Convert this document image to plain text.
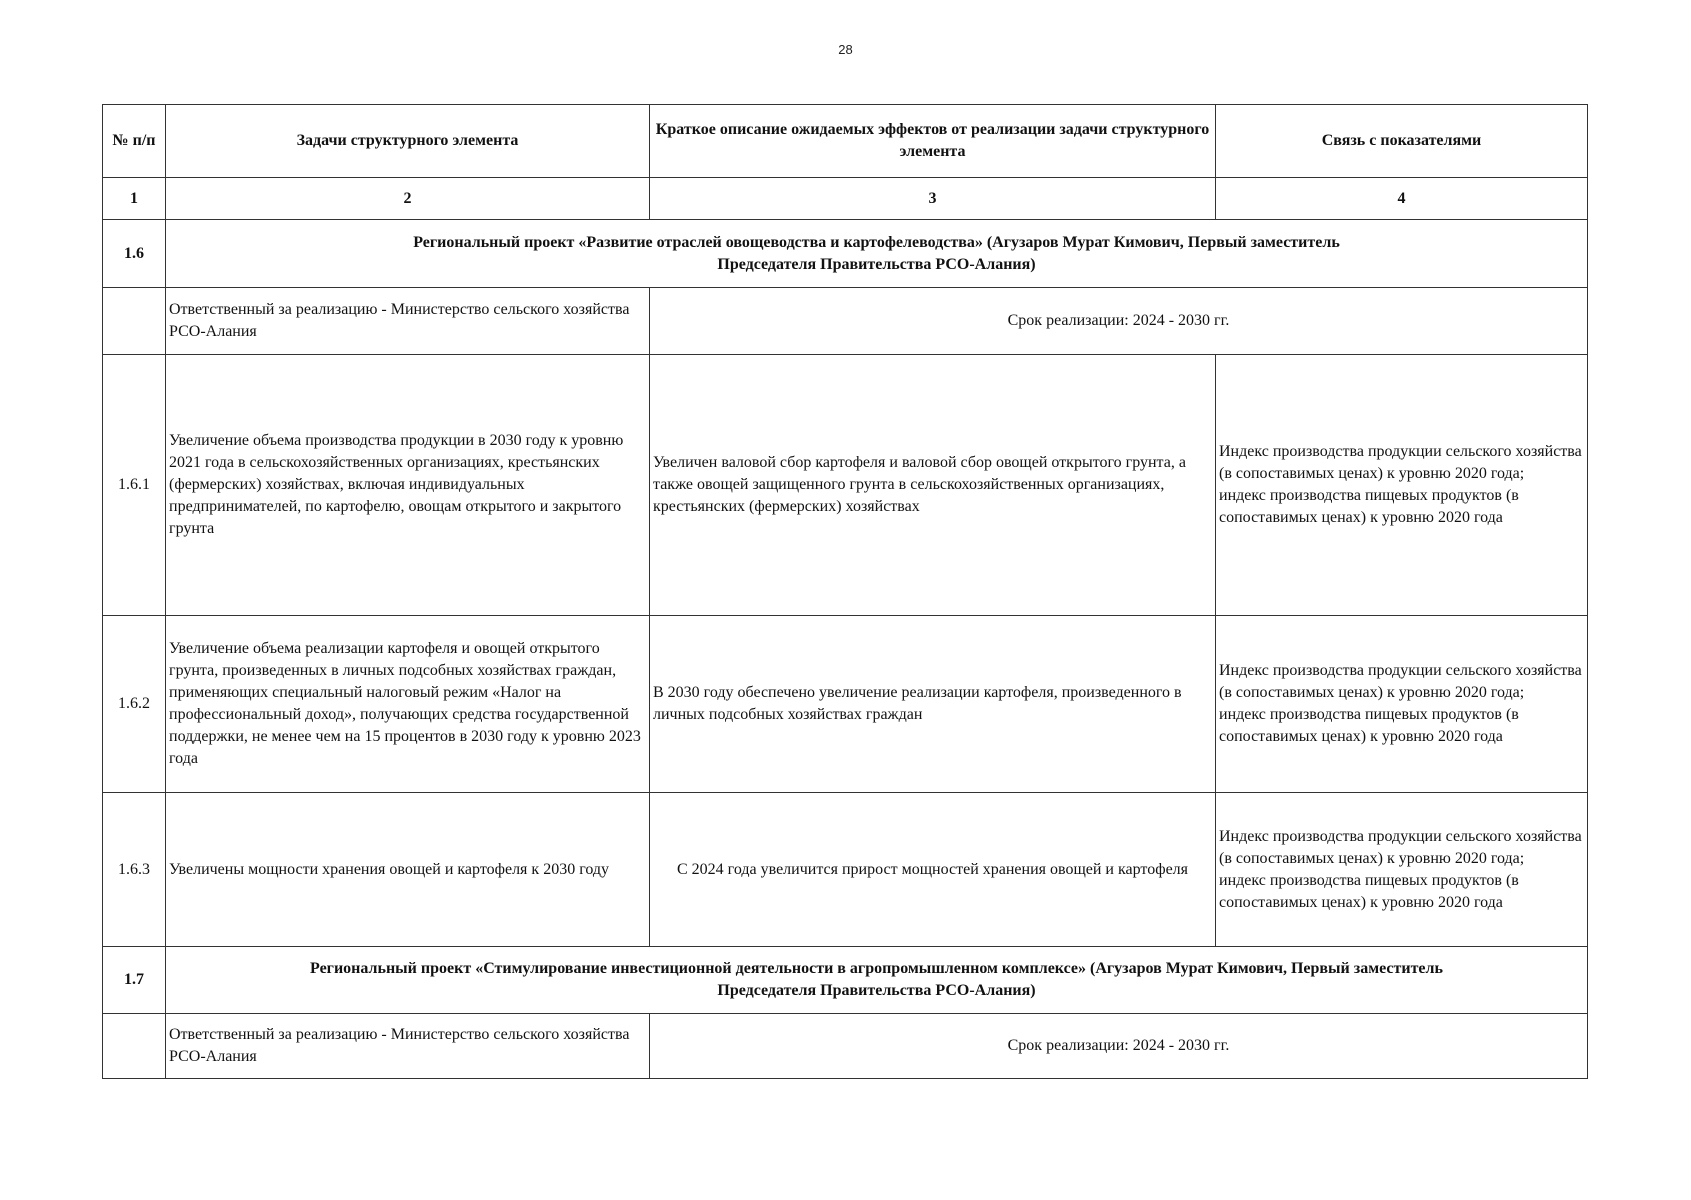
28
№ п/п	Задачи структурного элемента	Краткое описание ожидаемых эффектов от реализации задачи структурного элемента	Связь с показателями
1	2	3	4
1.6	Региональный проект «Развитие отраслей овощеводства и картофелеводства» (Агузаров Мурат Кимович, Первый заместитель
Председателя Правительства РСО-Алания)		

	Ответственный за реализацию - Министерство сельского хозяйства РСО-Алания	Срок реализации: 2024 - 2030 гг.	
1.6.1	Увеличение объема производства продукции в 2030 году к уровню 2021 года в сельскохозяйственных организациях, крестьянских (фермерских) хозяйствах, включая индивидуальных предпринимателей, по картофелю, овощам открытого и закрытого грунта	Увеличен валовой сбор картофеля и валовой сбор овощей открытого грунта, а также овощей защищенного грунта в сельскохозяйственных организациях, крестьянских (фермерских) хозяйствах	Индекс производства продукции сельского хозяйства (в сопоставимых ценах) к уровню 2020 года;
индекс производства пищевых продуктов (в сопоставимых ценах) к уровню 2020 года

1.6.2	Увеличение объема реализации картофеля и овощей открытого грунта, произведенных в личных подсобных хозяйствах граждан, применяющих специальный налоговый режим «Налог на профессиональный доход», получающих средства государственной поддержки, не менее чем на 15 процентов в 2030 году к уровню 2023 года	В 2030 году обеспечено увеличение реализации картофеля, произведенного в личных подсобных хозяйствах граждан	Индекс производства продукции сельского хозяйства (в сопоставимых ценах) к уровню 2020 года;
индекс производства пищевых продуктов (в сопоставимых ценах) к уровню 2020 года

1.6.3	Увеличены мощности хранения овощей и картофеля к 2030 году	С 2024 года увеличится прирост мощностей хранения овощей и картофеля	Индекс производства продукции сельского хозяйства (в сопоставимых ценах) к уровню 2020 года;
индекс производства пищевых продуктов (в сопоставимых ценах) к уровню 2020 года

1.7	Региональный проект «Стимулирование инвестиционной деятельности в агропромышленном комплексе» (Агузаров Мурат Кимович, Первый заместитель
Председателя Правительства РСО-Алания)		

	Ответственный за реализацию - Министерство сельского хозяйства РСО-Алания	Срок реализации: 2024 - 2030 гг.	
